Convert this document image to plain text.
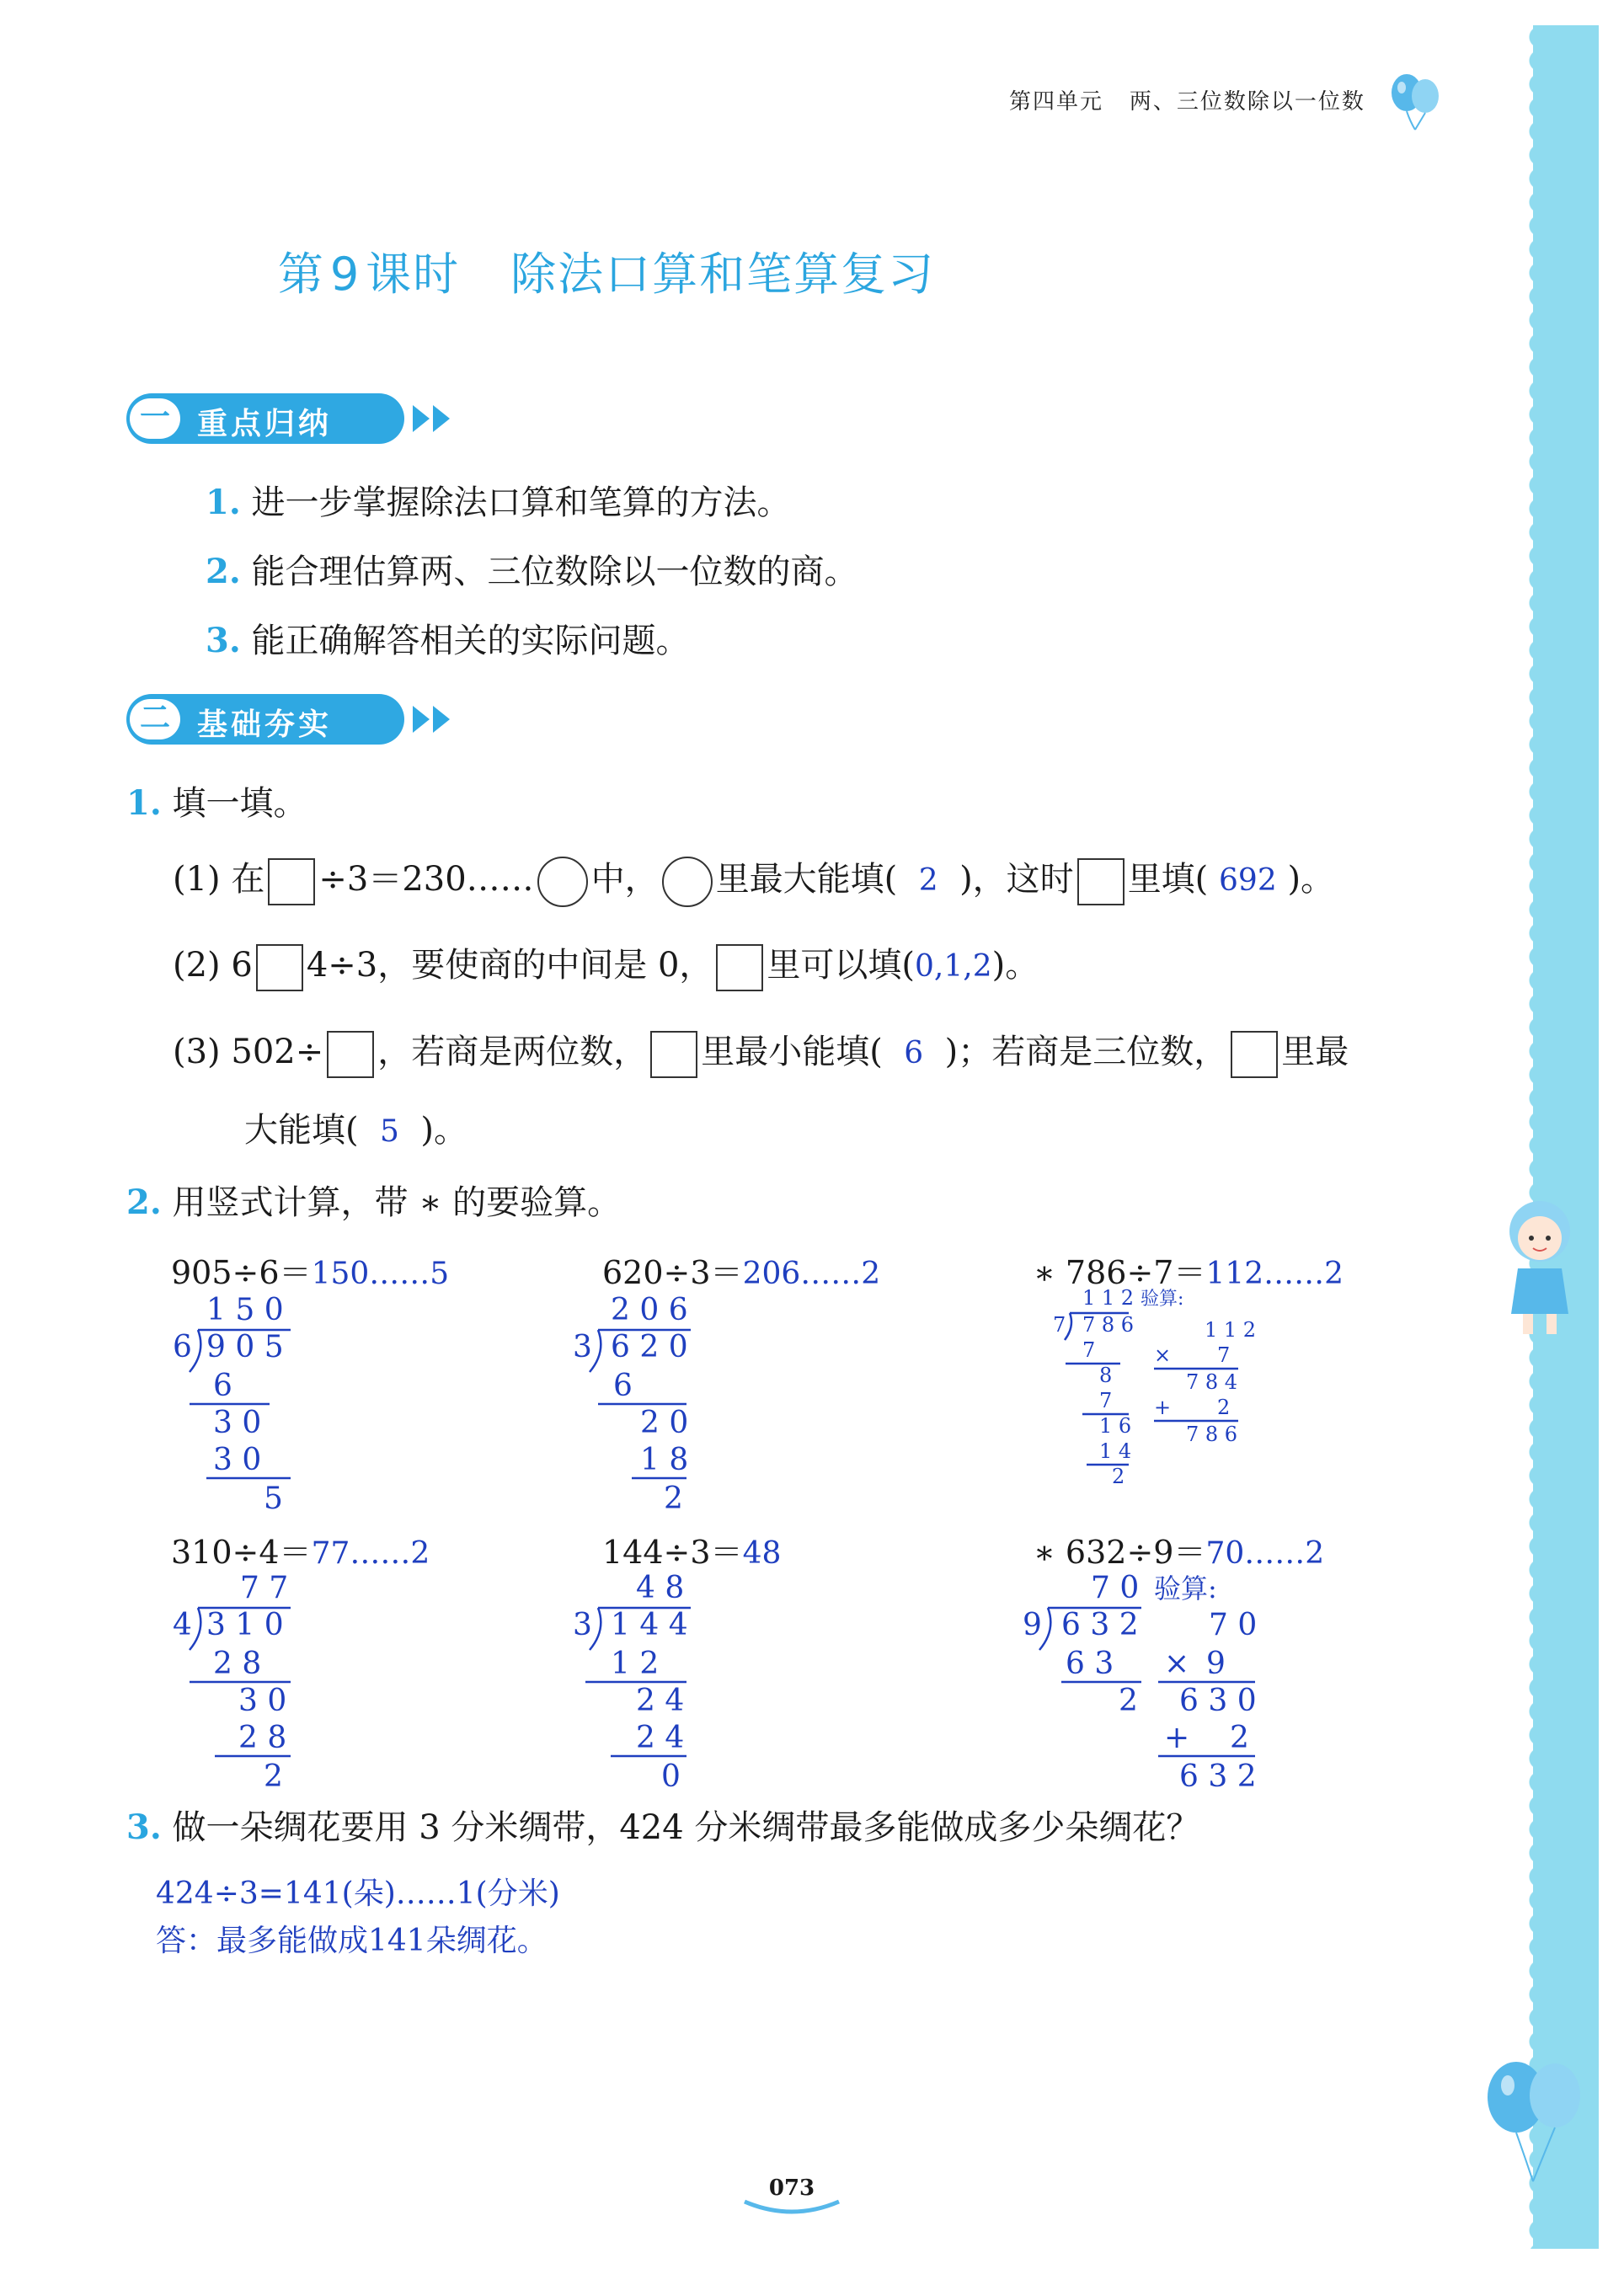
第四单元 两、三位数除以一位数
第 9 课时 除法口算和笔算复习
一 重点归纳
1. 进一步掌握除法口算和笔算的方法。
2. 能合理估算两、三位数除以一位数的商。
3. 能正确解答相关的实际问题。
二 基础夯实
1. 填一填。
(1) 在 ÷3＝230…… 中， 里最大能填( 2 )，这时 里填( 692 )。
(2) 6 4÷3，要使商的中间是 0， 里可以填(0,1,2)。
(3) 502÷ ，若商是两位数， 里最小能填( 6 )；若商是三位数， 里最
大能填( 5 )。
2. 用竖式计算，带 ∗ 的要验算。
905÷6＝150……5	620÷3＝206……2	∗ 786÷7＝112……2
310÷4＝77……2	144÷3＝48	∗ 632÷9＝70……2
1 5 0
6 9 0 5
6
3 0
3 0
5
2 0 6
3 6 2 0
6
2 0
1 8
2
1 1 2 验算:
7 7 8 6
7
8
7
1 6
1 4
2
1 1 2
× 7
7 8 4
+ 2
7 8 6
7 7
4 3 1 0
2 8
3 0
2 8
2
4 8
3 1 4 4
1 2
2 4
2 4
0
7 0 验算:
9 6 3 2
6 3
2
7 0
× 9
6 3 0
+ 2
6 3 2
3. 做一朵绸花要用 3 分米绸带，424 分米绸带最多能做成多少朵绸花？
424÷3=141(朵)……1(分米)
答：最多能做成141朵绸花。
073
